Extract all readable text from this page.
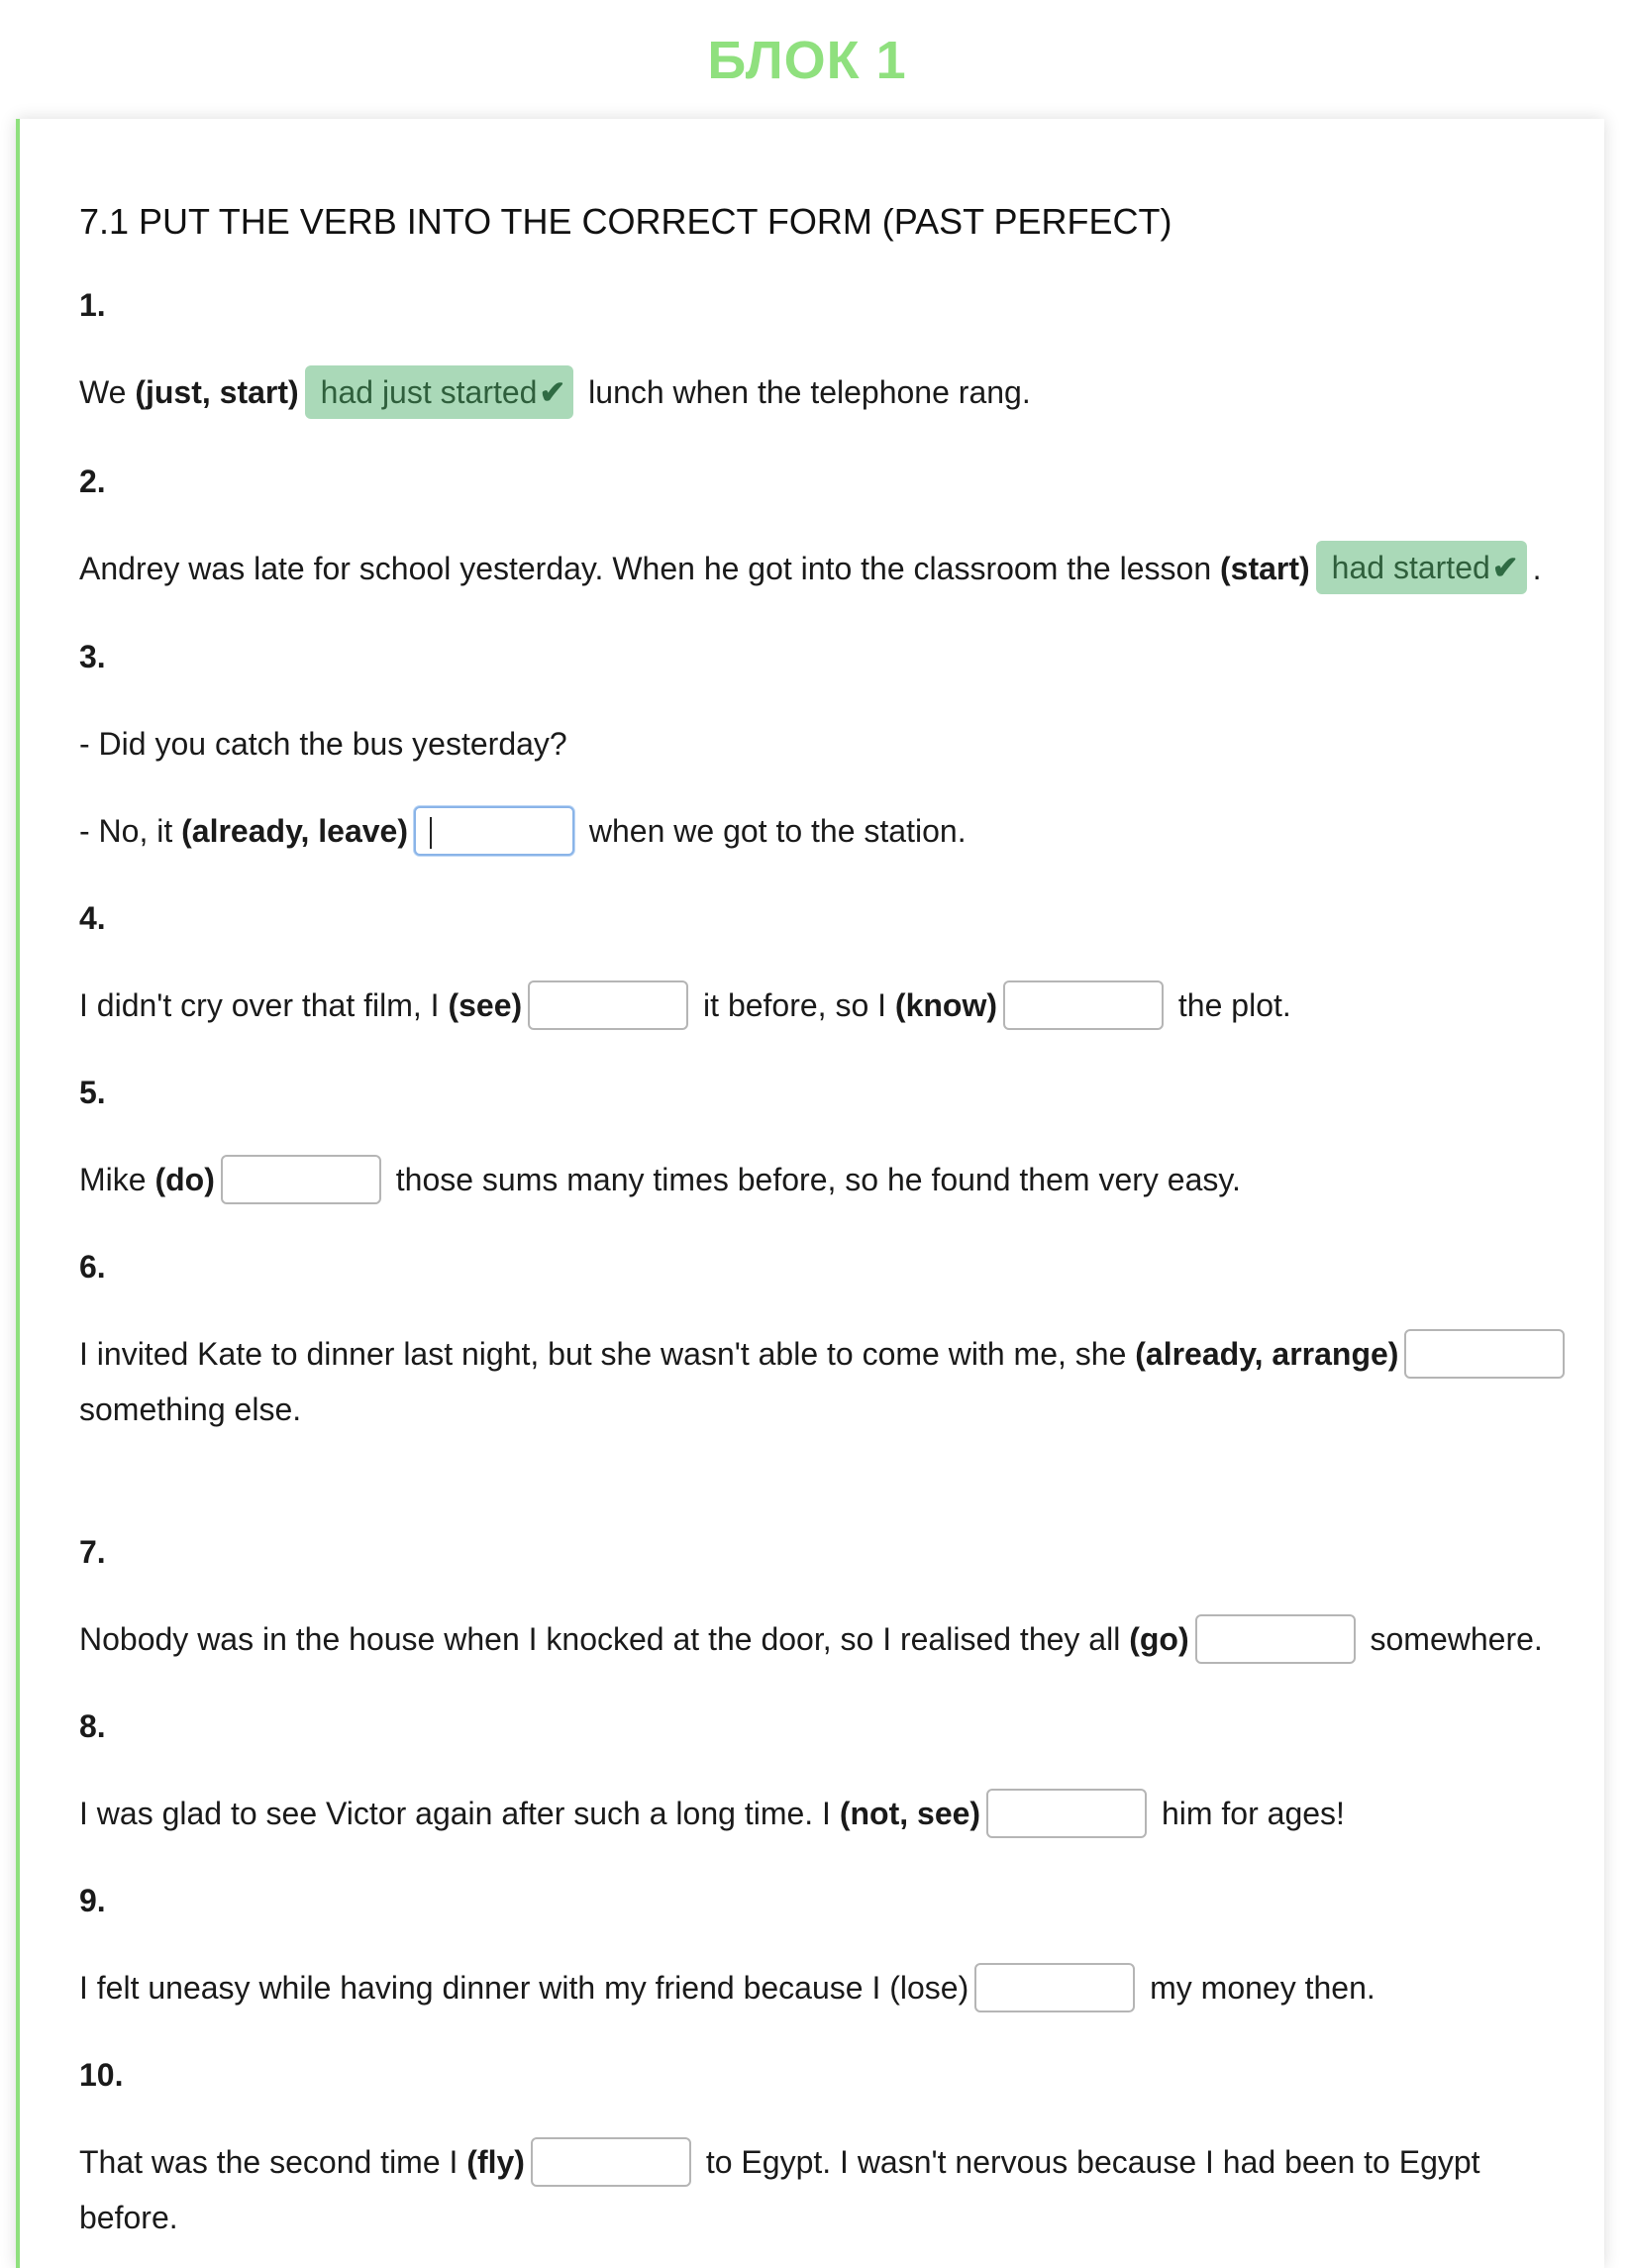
БЛОК 1
7.1 PUT THE VERB INTO THE CORRECT FORM (PAST PERFECT)
1.
We (just, start) had just started✔ lunch when the telephone rang.
2.
Andrey was late for school yesterday. When he got into the classroom the lesson (start) had started✔ .
3.
- Did you catch the bus yesterday?
- No, it (already, leave)	when we got to the station.
4.
I didn't cry over that film, I (see)	it before, so I (know)	the plot.
5.
Mike (do)	those sums many times before, so he found them very easy.
6.
I invited Kate to dinner last night, but she wasn't able to come with me, she (already, arrange)
something else.
7.
Nobody was in the house when I knocked at the door, so I realised they all (go)	somewhere.
8.
I was glad to see Victor again after such a long time. I (not, see)	him for ages!
9.
I felt uneasy while having dinner with my friend because I (lose)	my money then.
10.
That was the second time I (fly)	to Egypt. I wasn't nervous because I had been to Egypt before.
